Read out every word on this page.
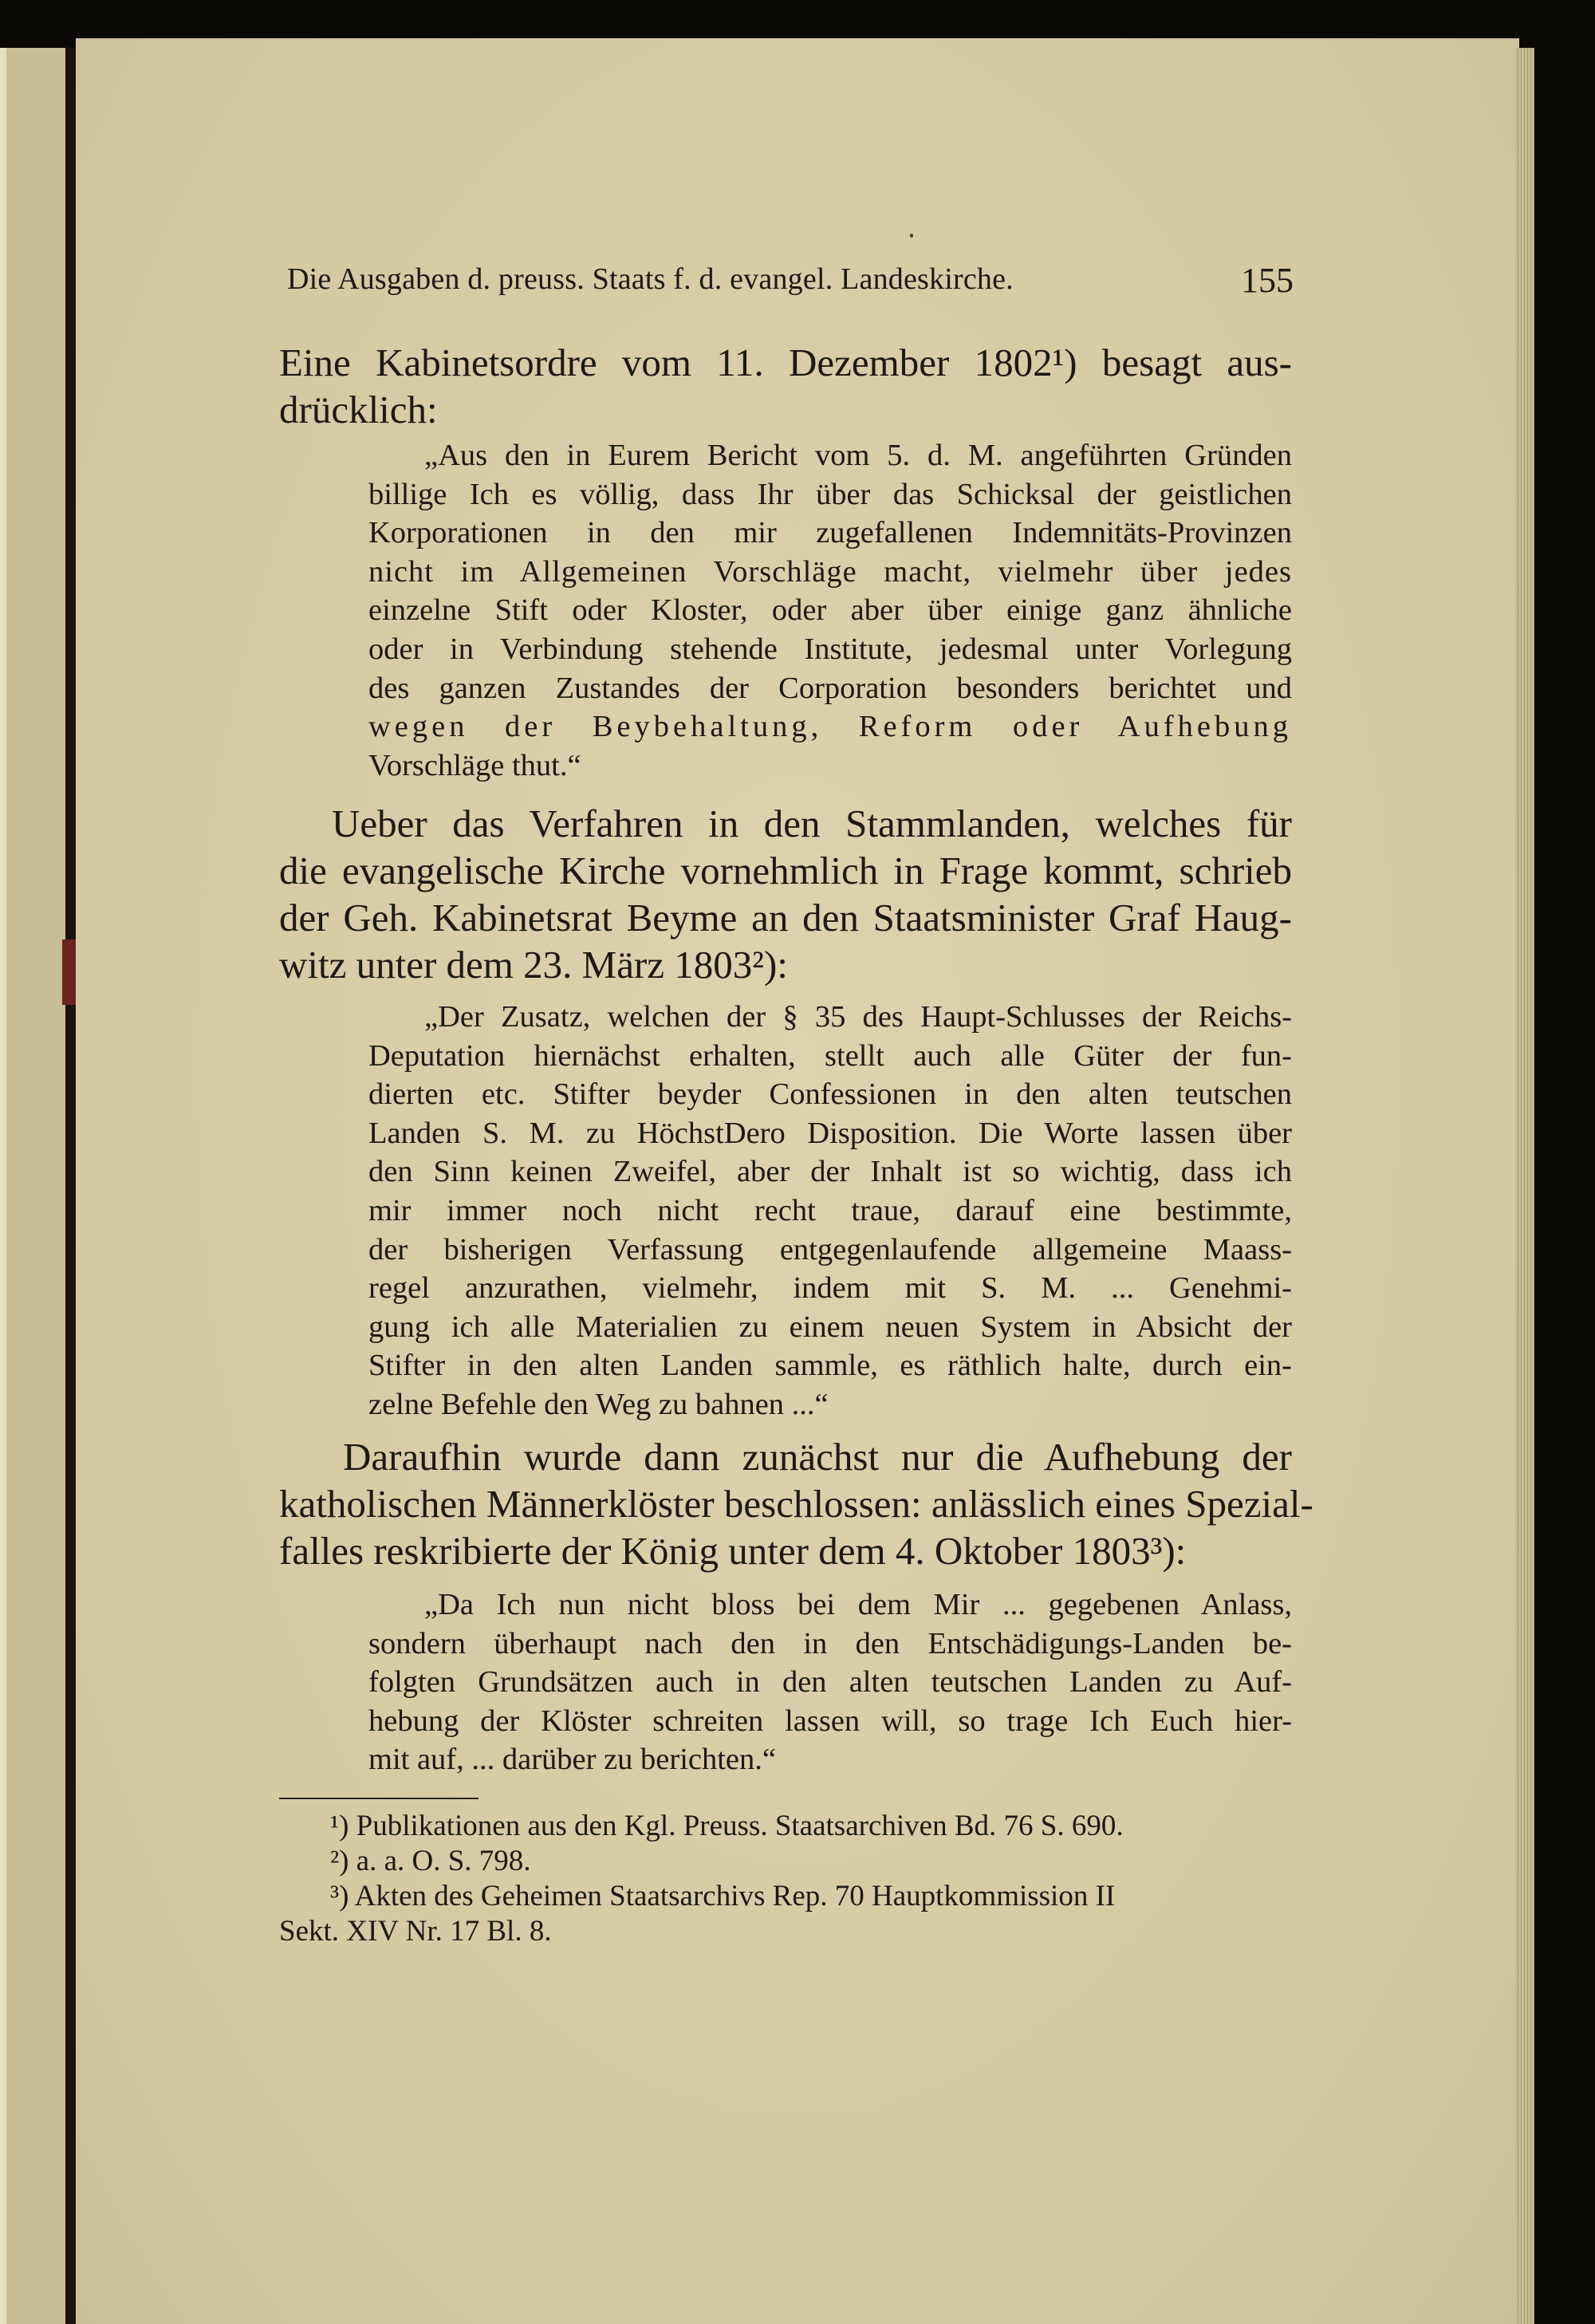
Die Ausgaben d. preuss. Staats f. d. evangel. Landeskirche.	155
Eine Kabinetsordre vom 11. Dezember 1802¹) besagt aus-
drücklich:
„Aus den in Eurem Bericht vom 5. d. M. angeführten Gründen
billige Ich es völlig, dass Ihr über das Schicksal der geistlichen
Korporationen in den mir zugefallenen Indemnitäts-Provinzen
nicht im Allgemeinen Vorschläge macht, vielmehr über jedes
einzelne Stift oder Kloster, oder aber über einige ganz ähnliche
oder in Verbindung stehende Institute, jedesmal unter Vorlegung
des ganzen Zustandes der Corporation besonders berichtet und
wegen der Beybehaltung, Reform oder Aufhebung
Vorschläge thut.“
Ueber das Verfahren in den Stammlanden, welches für
die evangelische Kirche vornehmlich in Frage kommt, schrieb
der Geh. Kabinetsrat Beyme an den Staatsminister Graf Haug-
witz unter dem 23. März 1803²):
„Der Zusatz, welchen der § 35 des Haupt-Schlusses der Reichs-
Deputation hiernächst erhalten, stellt auch alle Güter der fun-
dierten etc. Stifter beyder Confessionen in den alten teutschen
Landen S. M. zu HöchstDero Disposition. Die Worte lassen über
den Sinn keinen Zweifel, aber der Inhalt ist so wichtig, dass ich
mir immer noch nicht recht traue, darauf eine bestimmte,
der bisherigen Verfassung entgegenlaufende allgemeine Maass-
regel anzurathen, vielmehr, indem mit S. M. ... Genehmi-
gung ich alle Materialien zu einem neuen System in Absicht der
Stifter in den alten Landen sammle, es räthlich halte, durch ein-
zelne Befehle den Weg zu bahnen ...“
Daraufhin wurde dann zunächst nur die Aufhebung der
katholischen Männerklöster beschlossen: anlässlich eines Spezial-
falles reskribierte der König unter dem 4. Oktober 1803³):
„Da Ich nun nicht bloss bei dem Mir ... gegebenen Anlass,
sondern überhaupt nach den in den Entschädigungs-Landen be-
folgten Grundsätzen auch in den alten teutschen Landen zu Auf-
hebung der Klöster schreiten lassen will, so trage Ich Euch hier-
mit auf, ... darüber zu berichten.“
¹) Publikationen aus den Kgl. Preuss. Staatsarchiven Bd. 76 S. 690.
²) a. a. O. S. 798.
³) Akten des Geheimen Staatsarchivs Rep. 70 Hauptkommission II
Sekt. XIV Nr. 17 Bl. 8.
